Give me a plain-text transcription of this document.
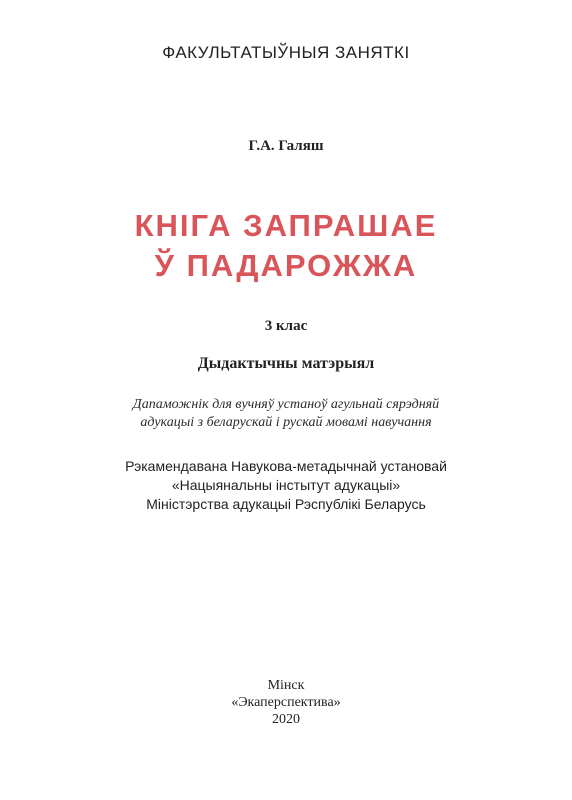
ФАКУЛЬТАТЫЎНЫЯ ЗАНЯТКІ
Г.А. Галяш
КНІГА ЗАПРАШАЕ
Ў ПАДАРОЖЖА
3 клас
Дыдактычны матэрыял
Дапаможнік для вучняў устаноў агульнай сярэдняй
адукацыі з беларускай і рускай мовамі навучання
Рэкамендавана Навукова-метадычнай установай
«Нацыянальны інстытут адукацыі»
Міністэрства адукацыі Рэспублікі Беларусь
Мінск
«Экаперспектива»
2020
